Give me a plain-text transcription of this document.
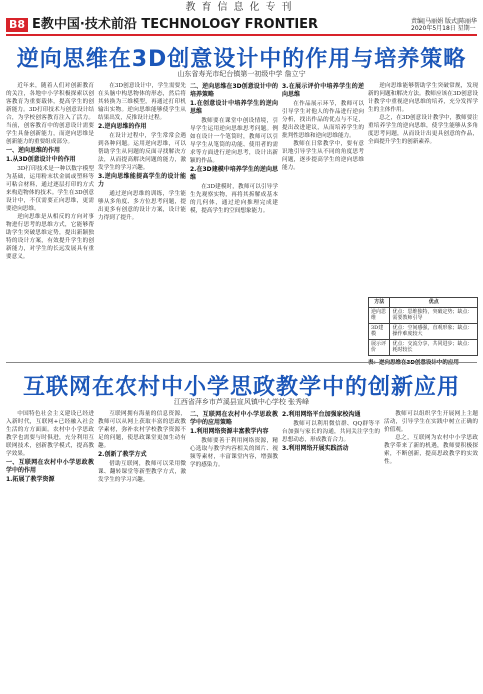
教育信息化专刊
B8 E教中国·技术前沿 TECHNOLOGY FRONTIER	责编|马丽娟 版式|陈丽华
2020年5月18日 星期一
逆向思维在3D创意设计中的作用与培养策略
山东省寿光市纪台镇第一初级中学 詹立宁

近年来，随着人们对创新教育的关注，各地中小学积极探索以创客教育为重要载体，提高学生的创新能力。3D打印技术与创意设计结合，为学校创客教育注入了活力。当前，创客教育中的创意设计需要学生具备创新能力，而逆向思维是创新能力的重要组成部分。

一、逆向思维的作用
1.从3D创意设计中的作用

3D打印技术是一种以数字模型为基础，运用粉末状金属或塑料等可粘合材料，通过逐层打印的方式来构造物体的技术。学生在3D创意设计中，不仅需要正向思维，更需要逆向思维。

逆向思维是从相反的方向对事物进行思考的思维方式，它能够帮助学生突破思维定势，提出新颖独特的设计方案，有效提升学生的创新能力，对学生的长远发展具有重要意义。

在3D创意设计中，学生需要先在头脑中构思物体的形态，然后将其转换为三维模型，再通过打印机输出实物。逆向思维能够使学生从结果出发，反推设计过程。

2.逆向思维的作用

在设计过程中，学生常常会遇到各种问题。运用逆向思维，可以帮助学生从问题的反面寻找解决方法，从而提高解决问题的能力，激发学生的学习兴趣。

3.逆向思维能提高学生的设计能力

通过逆向思维的训练，学生能够从多角度、多方位思考问题，提出更多有创意的设计方案，设计能力得到了提升。

二、逆向思维在3D创意设计中的培养策略
1.在创意设计中培养学生的逆向思维

教师要在课堂中创设情境，引导学生运用逆向思维思考问题。例如在设计一个笔筒时，教师可以引导学生从笔筒的功能、使用者的需求等方面进行逆向思考，设计出新颖的作品。

2.在3D建模中培养学生的逆向思维

在3D建模时，教师可以引导学生先观察实物，再将其拆解成基本的几何体，通过逆向推理完成建模，提高学生的空间想象能力。

3.在展示评价中培养学生的逆向思维

在作品展示环节，教师可以引导学生对他人的作品进行逆向分析，找出作品的优点与不足，提出改进建议，从而培养学生的批判性思维和逆向思维能力。

教师在日常教学中，要有意识地引导学生从不同的角度思考问题，逐步提高学生的逆向思维能力。

逆向思维能够帮助学生突破常规，发现新的问题和解决方法。教师应该在3D创意设计教学中重视逆向思维的培养，充分发挥学生的主体作用。

总之，在3D创意设计教学中，教师要注重培养学生的逆向思维，使学生能够从多角度思考问题，从而设计出更具创意的作品，全面提升学生的创新素养。

方法	优点
逆向思维	优点：思维独特，突破定势；缺点：需要教师引导
3D建模	优点：空间感强，直观形象；缺点：操作难度较大
展示评价	优点：交流分享，共同进步；缺点：耗时较长
互联网在农村中小学思政教学中的创新应用
江西省萍乡市芦溪县宣风镇中心学校 张秀峰

中国特色社会主义建设已经进入新时代，互联网+已经融入社会生活的方方面面。农村中小学思政教学也需要与时俱进，充分利用互联网技术，创新教学模式，提高教学效果。

一、互联网在农村中小学思政教学中的作用
1.拓展了教学资源

互联网拥有海量的信息资源，教师可以从网上获取丰富的思政教学素材，弥补农村学校教学资源不足的问题，使思政课堂更加生动有趣。

2.创新了教学方式

借助互联网，教师可以采用微课、翻转课堂等新型教学方式，激发学生的学习兴趣。

二、互联网在农村中小学思政教学中的应用策略
1.利用网络资源丰富教学内容

教师要善于利用网络资源，精心选取与教学内容相关的图片、视频等素材，丰富课堂内容，增强教学的感染力。

2.利用网络平台加强家校沟通

教师可以利用微信群、QQ群等平台加强与家长的沟通，共同关注学生的思想动态，形成教育合力。

3.利用网络开展实践活动

教师可以组织学生开展网上主题活动，引导学生在实践中树立正确的价值观。

总之，互联网为农村中小学思政教学带来了新的机遇，教师要积极探索，不断创新，提高思政教学的实效性。
